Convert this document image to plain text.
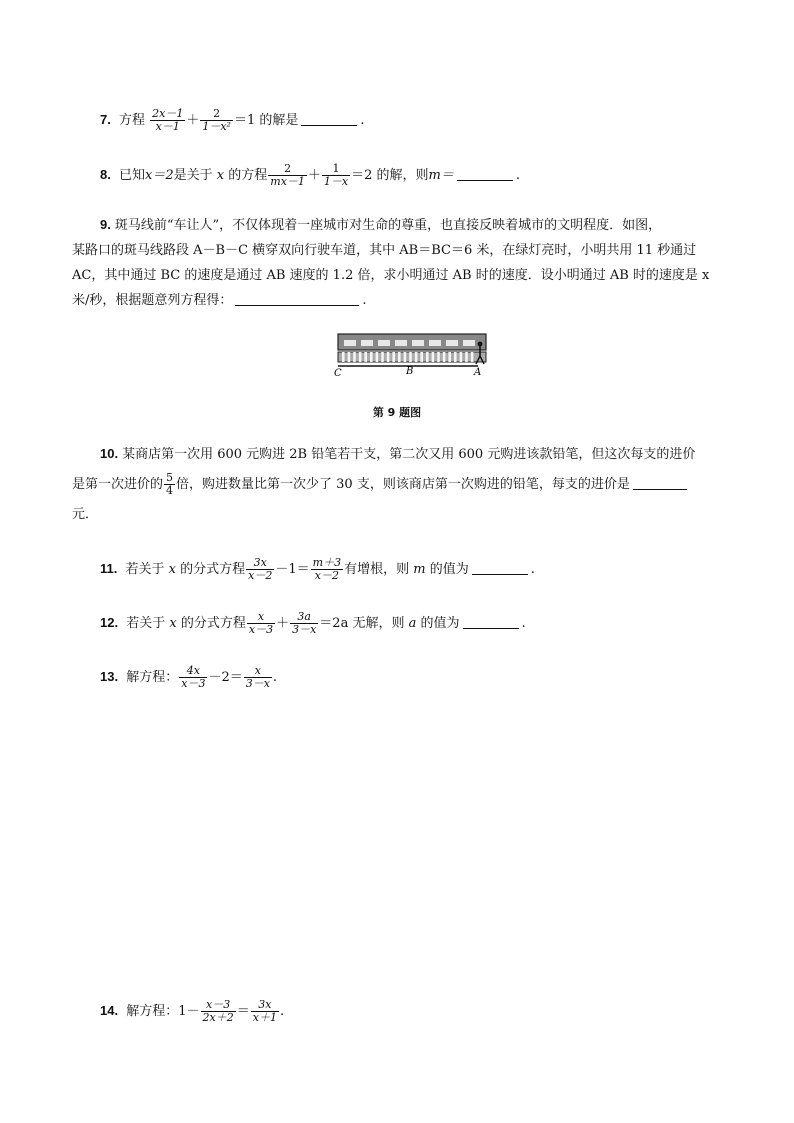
7. 方程 $\frac{2x-1}{x-1} + \frac{2}{\text{1－x²}} =1$ 的解是	.
8. 已知x＝2是关于 x 的方程 $\frac{2}{mx-1} + \frac{1}{1-x} =2$ 的解，则m＝	.
9. 斑马线前“车让人”，不仅体现着一座城市对生命的尊重，也直接反映着城市的文明程度．如图，
某路口的斑马线路段 A－B－C 横穿双向行驶车道，其中 AB＝BC＝6 米，在绿灯亮时，小明共用 11 秒通过
AC，其中通过 BC 的速度是通过 AB 速度的 1.2 倍，求小明通过 AB 时的速度．设小明通过 AB 时的速度是 x
米/秒，根据题意列方程得：	.
C	B	A
第 9 题图
10. 某商店第一次用 600 元购进 2B 铅笔若干支，第二次又用 600 元购进该款铅笔，但这次每支的进价
是第一次进价的 $\frac{5}{4}$ 倍，购进数量比第一次少了 30 支，则该商店第一次购进的铅笔，每支的进价是
元．
11. 若关于 x 的分式方程 $\frac{3x}{x-2} -1= \frac{m+3}{x-2}$ 有增根，则 m 的值为	.
12. 若关于 x 的分式方程 $\frac{x}{x-3} + \frac{3a}{3-x} =2a$ 无解，则 a 的值为	.
13. 解方程： $\frac{4x}{x-3} -2= \frac{x}{3-x}$ .
14. 解方程：$1- \frac{x-3}{2x+2} = \frac{3x}{x+1}$ .
